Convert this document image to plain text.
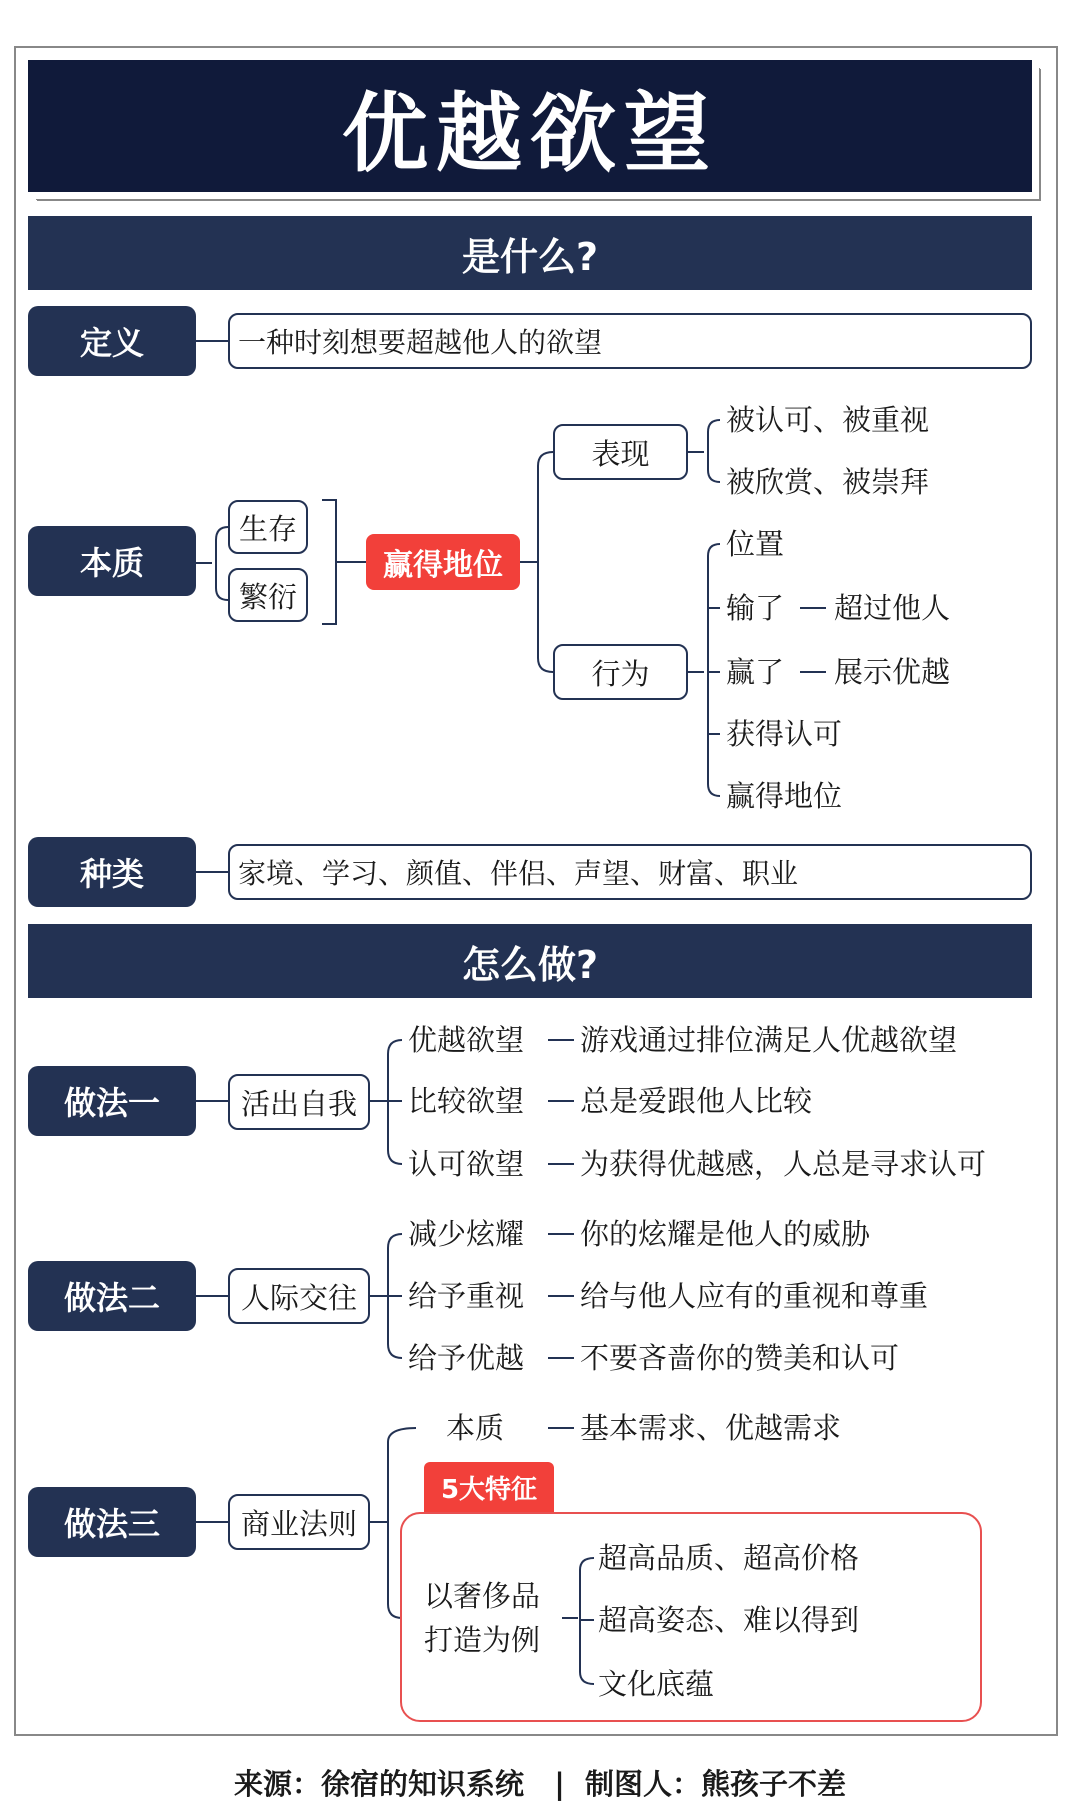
优越欲望
是什么?
定义	一种时刻想要超越他人的欲望
本质
生存
繁衍
赢得地位
表现
被认可、被重视
被欣赏、被崇拜
行为
位置
输了 超过他人
赢了 展示优越
获得认可
赢得地位
种类	家境、学习、颜值、伴侣、声望、财富、职业
怎么做?
做法一	活出自我
优越欲望 游戏通过排位满足人优越欲望
比较欲望 总是爱跟他人比较
认可欲望 为获得优越感，人总是寻求认可
做法二	人际交往
减少炫耀 你的炫耀是他人的威胁
给予重视 给与他人应有的重视和尊重
给予优越 不要吝啬你的赞美和认可
做法三	商业法则
本质	基本需求、优越需求
5大特征
以奢侈品
打造为例
超高品质、超高价格
超高姿态、难以得到
文化底蕴
来源：徐宿的知识系统   |  制图人：熊孩子不差
